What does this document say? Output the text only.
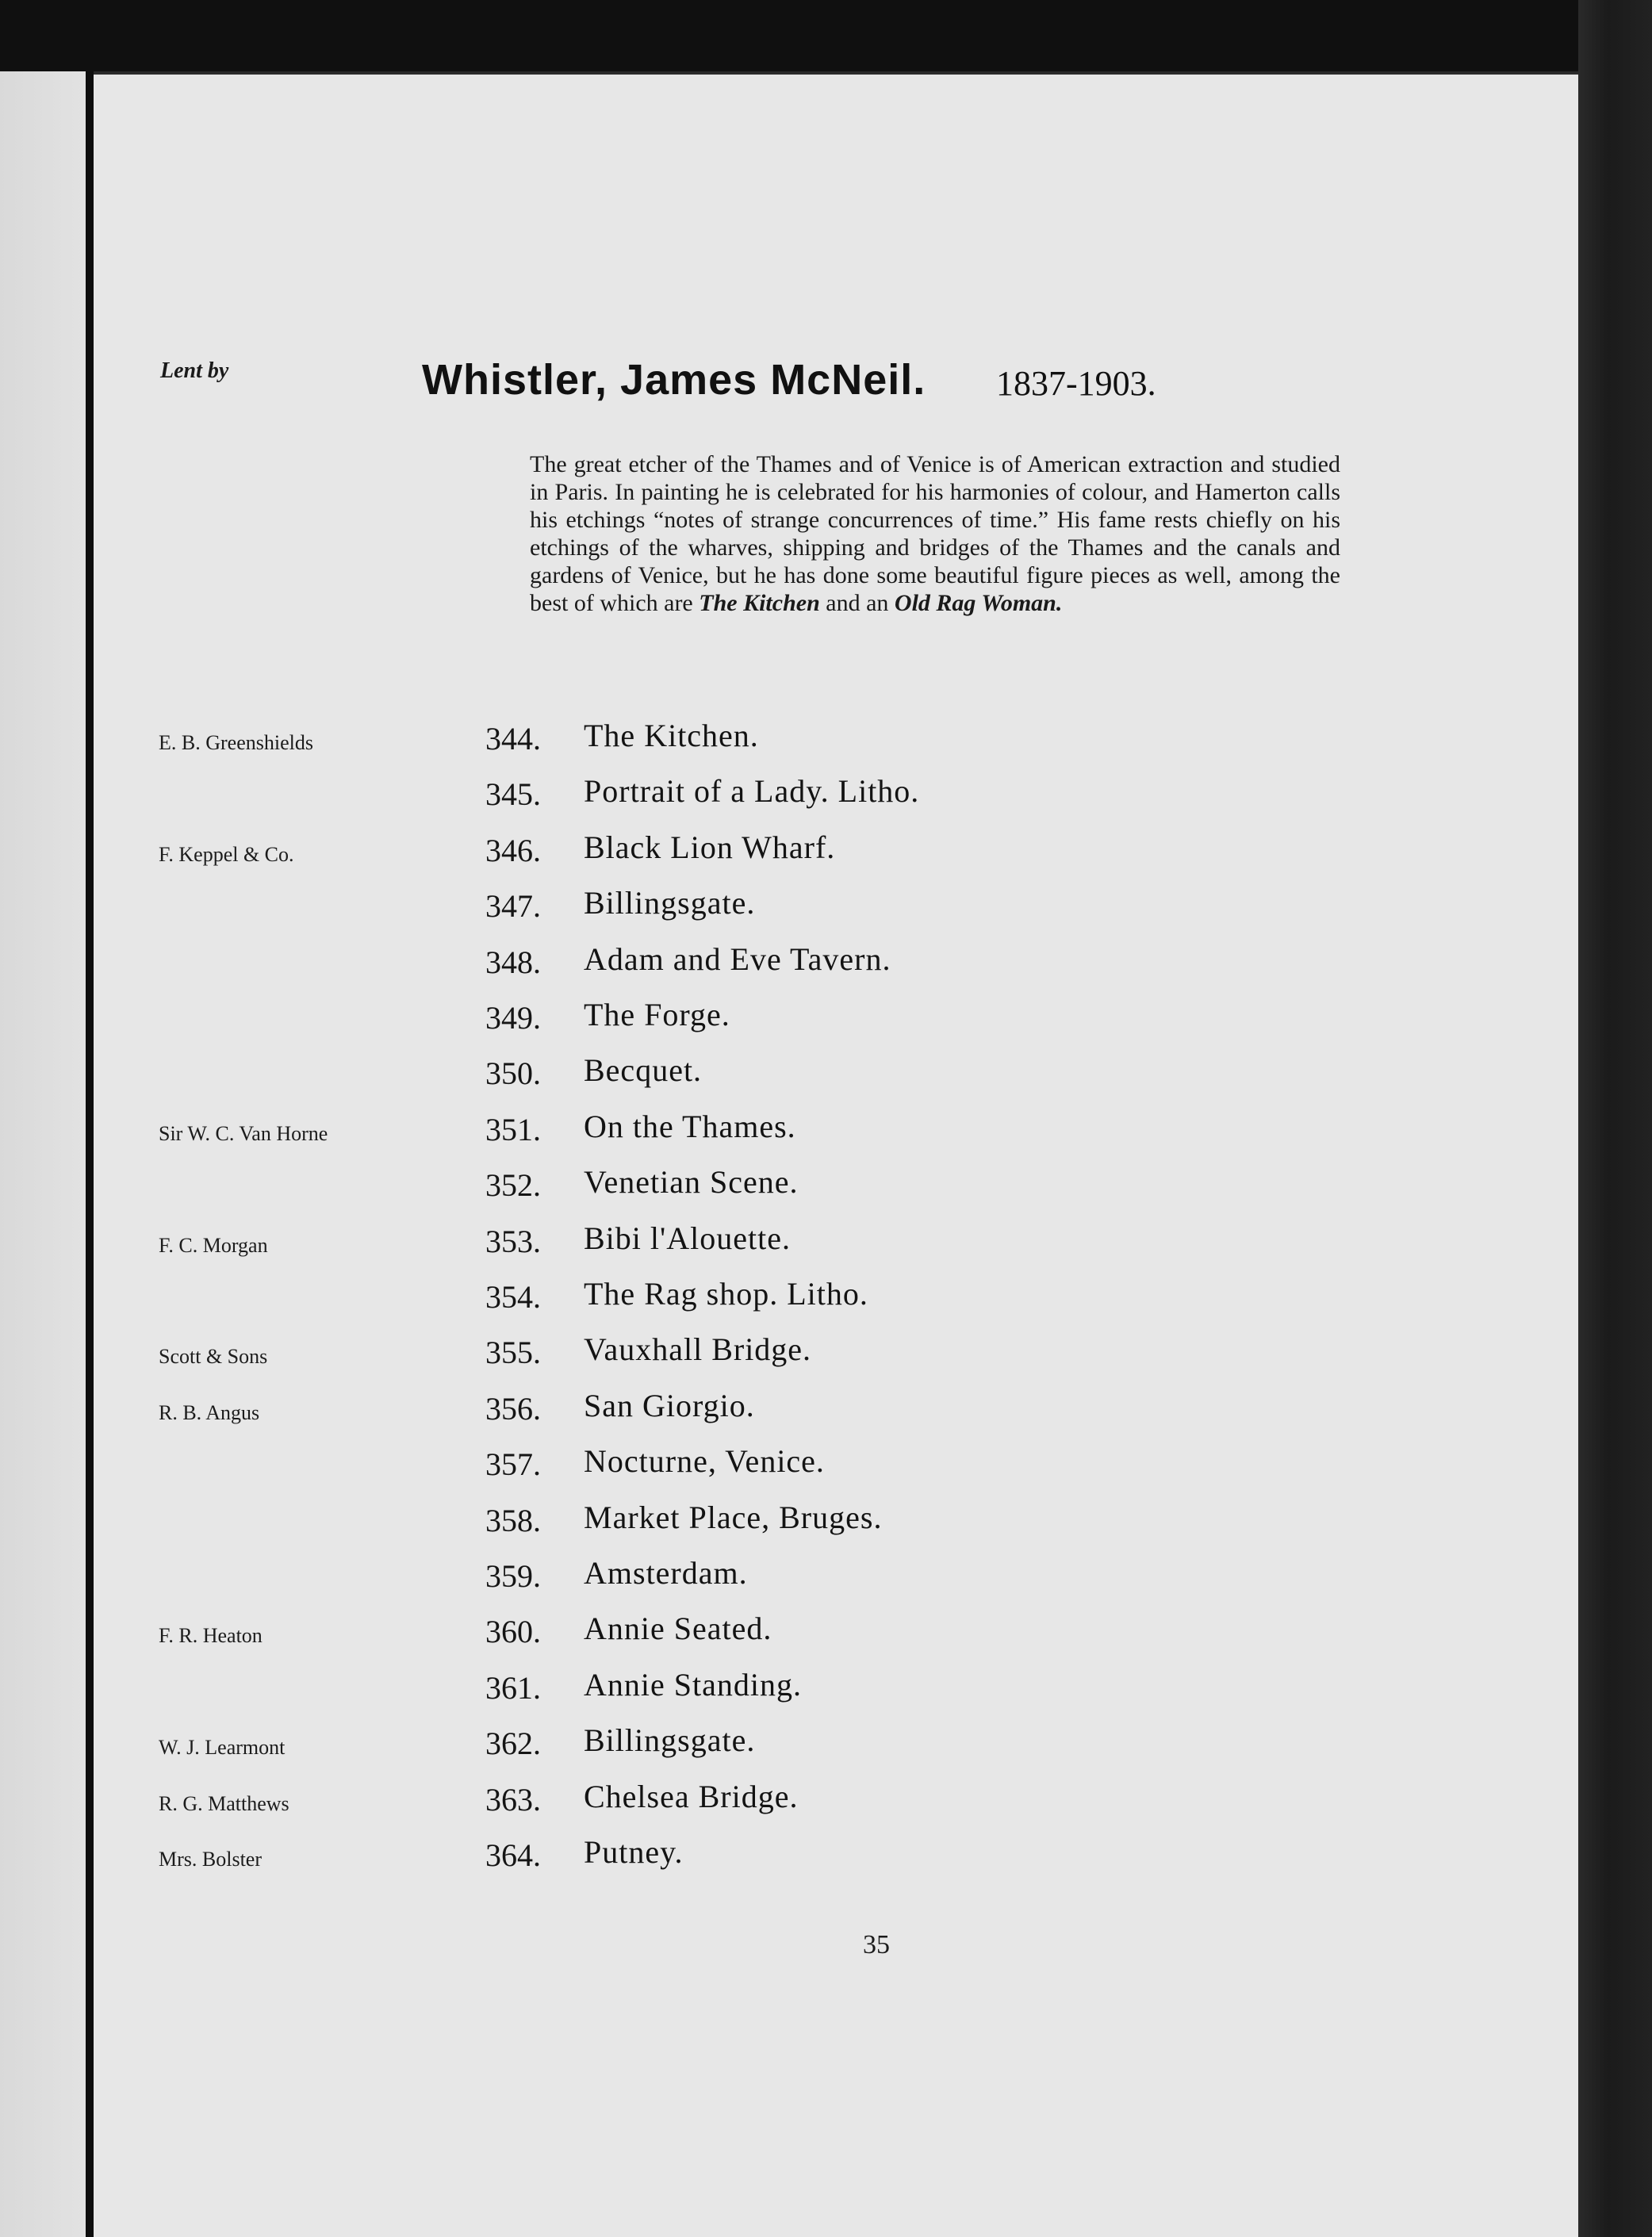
Lent by	Whistler, James McNeil. 1837-1903.

The great etcher of the Thames and of Venice is of American extraction and studied in Paris. In painting he is celebrated for his harmonies of colour, and Hamerton calls his etchings “notes of strange concurrences of time.” His fame rests chiefly on his etchings of the wharves, shipping and bridges of the Thames and the canals and gardens of Venice, but he has done some beautiful figure pieces as well, among the best of which are The Kitchen and an Old Rag Woman.

E. B. Greenshields	344. The Kitchen.
345. Portrait of a Lady. Litho.
F. Keppel & Co.	346. Black Lion Wharf.
347. Billingsgate.
348. Adam and Eve Tavern.
349. The Forge.
350. Becquet.
Sir W. C. Van Horne	351. On the Thames.
352. Venetian Scene.
F. C. Morgan	353. Bibi l'Alouette.
354. The Rag shop. Litho.
Scott & Sons	355. Vauxhall Bridge.
R. B. Angus	356. San Giorgio.
357. Nocturne, Venice.
358. Market Place, Bruges.
359. Amsterdam.
F. R. Heaton	360. Annie Seated.
361. Annie Standing.
W. J. Learmont	362. Billingsgate.
R. G. Matthews	363. Chelsea Bridge.
Mrs. Bolster	364. Putney.
35
